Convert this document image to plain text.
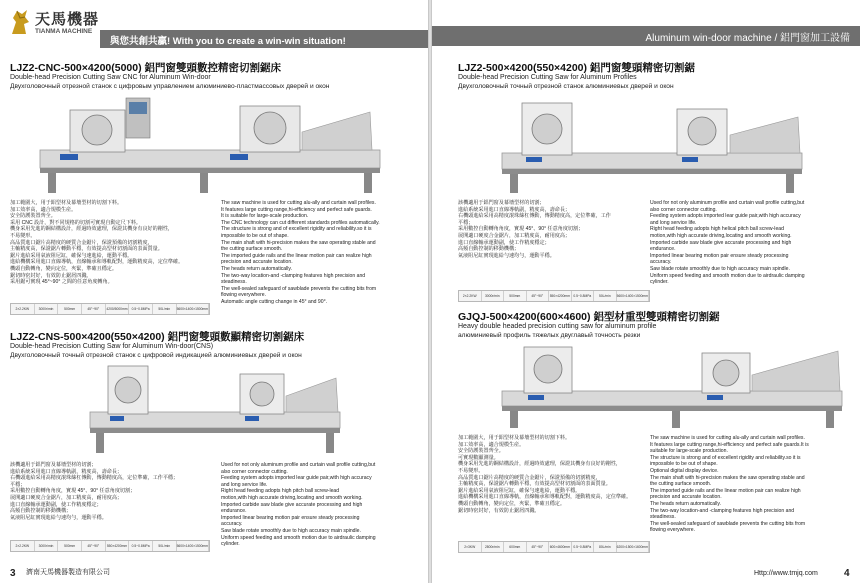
天馬機器
TIANMA MACHINE
與您共創共贏! With you to create a win-win situation!
LJZ2-CNC-500×4200(5000) 鋁門窗雙頭數控精密切割鋸床
Double-head Precision Cutting Saw CNC for Aluminum Win-door
Двухголовочный отрезной станок с цифровым управлением алюминиево-пластмассовых дверей и окон
加工範圍大，用于鋁型材及幕墻型材的切割下料。
加工效率高，適合規模生産。
安全防護裝置齊全。
采用 CNC 設計，對不同規格的切割可實現自動定尺下料。
機身采用先進的鋼結構設計，經過時效處理，保證其機身有良好的剛性，
不易變形。
高品質進口鋸片高精度的硬質合金鋸片，保證預備的切割精度，
主軸精度高，保證鋸片轉動平穩，有效提高型材切割面的表面質量。
鋸片進給采用氣液阻尼缸，確保勻速進給，運動平穩。
進給機構采用進口直線導軌，直線軸承和導軌配對，運動精度高，定位準確。
機頭自動轉角，變向定位，夾緊，準確且穩定。
鋸切時密封好，有效防止鋸屑四濺。
采用鋸可實現 45°~90° 之間的任意角度轉角。
The saw machine is used for cutting alu-ally and curtain wall profiles.
It features large cutting range,hi-efficiency and perfect safe guards.
It is suitable for large-scale production.
The CNC technology can cut different standards profiles automatically.
The structure is strong and of excellent rigidity and reliability.so it is
impossible to be out of shape.
The main shaft with hi-precision makes the saw operating stable and
the cutting surface smooth.
The imported guide rails and the linear motion pair can realize high
precision and accurate location.
The heads return automatically.
The two-way location-and -clamping features high precision and
steadiness.
The well-sealed safeguard of sawblade prevents the cutting bits from
flowing everywhere.
Automatic angle cutting change in 45° and 90°.
2×2.2KW	3000r/min	500mm	45°~90°	4200/5000mm	0.5~0.8MPa	50L/min	5600×1400×1500mm
LJZ2-CNS-500×4200(550×4200) 鋁門窗雙頭數顯精密切割鋸床
Double-head Precision Cutting Saw for Aluminum Win-door(CNS)
Двухголовочный точный отрезной станок с цифровой индикацией алюминиевых дверей и окон
該機適用于鋁門窗及幕墻型材的切割；
進給系統采用進口直線導軌副，精度高，壽命長；
右機頭進給采用高精度滾珠絲杠傳動，傳動精度高，定位準確，工作平穩；
平穩；
采用數控自動轉角角度，實現 45°、90° 任意角度切割；
展開適口硬度合金鋸片，加工精度高，耐用度高；
進口直線軸承運動副，使工作精度穩定；
高頻自動控制的移動機構；
氣液阻尼缸實現進給勻速均勻，運動平穩。
Used for not only aluminum profile and curtain wall profile cutting,but
also corner connector cutting.
Feeding system adopts imported lear guide pair,with high accuracy
and long service life.
Right head feeding adopts high pitch ball screw-lead
motion,with high accurate driving,locating and smooth working.
Imported carbide saw blade give accurate processing and high
endurance.
Imported linear bearing motion pair ensure steady processing
accuracy.
Saw blade rotate smoothly due to high accuracy main spindle.
Uniform speed feeding and smooth motion due to airdraulic damping
cylinder.
2×2.2KW	3000r/min	500mm	45°~90°	550×4200mm	0.5~0.8MPa	50L/min	5600×1400×1500mm
3 濟南天馬機器製造有限公司
Aluminum win-door machine / 鋁門窗加工設備
LJZ2-500×4200(550×4200) 鋁門窗雙頭精密切割鋸
Double-head Precision Cutting Saw for Aluminum Profiles
Двухголовочный точный отрезной станок алюминиевых дверей и окон
該機適用于鋁門窗及幕墻型材的切割；
進給系統采用進口直線導軌副，精度高，壽命長；
右機頭進給采用高精度滾珠絲杠傳動，傳動精度高，定位準確，工作
平穩；
采用數控自動轉角角度，實現 45°、90° 任意角度切割；
展開適口硬度合金鋸片，加工精度高，耐用度高；
進口直線軸承運動副，使工作精度穩定；
高頻自動控制的移動機構；
氣液阻尼缸實現進給勻速均勻，運動平穩。
Used for not only aluminum profile and curtain wall profile cutting,but
also corner connector cutting.
Feeding system adopts imported lear guide pair,with high accuracy
and long service life.
Right head feeding adopts high helical pitch ball screw-lead
motion,with high accurate driving,locating and smooth working.
Imported carbide saw blade give accurate processing and high
endurance.
Imported linear bearing motion pair ensure steady processing
accuracy.
Saw blade rotate smoothly due to high accuracy main spindle.
Uniform speed feeding and smooth motion due to airdraulic damping
cylinder.
2×2.2KW	3000r/min	500mm	45°~90°	550×4200mm	0.5~0.8MPa	50L/min	5600×1400×1500mm
GJQJ-500×4200(600×4600) 鋁型材重型雙頭精密切割鋸
Heavy double headed precision cutting saw for aluminum profile
алюминиевый профиль тяжелых двуглавый точность резки
加工範圍大，用于鋁型材及幕墻型材的切割下料。
加工效率高，適合規模生産。
安全防護裝置齊全。
可實現數顯測量。
機身采用先進的鋼結構設計，經過時效處理，保證其機身有良好的剛性，
不易變形。
高品質進口鋸片高精度的硬質合金鋸片，保證預備的切割精度，
主軸精度高，保證鋸片轉動平穩，有效提高型材切割面的表面質量。
鋸片進給采用氣液阻尼缸，確保勻速進給，運動平穩。
進給機構采用進口直線導軌，直線軸承和導軌配對，運動精度高，定位準確。
機頭自動轉角，變向定位，夾緊，準確且穩定。
鋸切時密封好，有效防止鋸屑四濺。
The saw machine is used for cutting alu-ally and curtain wall profiles.
It features large cutting range,hi-efficiency and perfect safe guards.It is
suitable for large-scale production.
The structure is strong and of excellent rigidity and reliability.so it is
impossible to be out of shape.
Optional digital display device.
The main shaft with hi-precision makes the saw operating stable and
the cutting surface smooth.
The imported guide rails and the linear motion pair can realize high
precision and accurate location.
The heads return automatically.
The two-way location-and -clamping features high precision and
steadiness.
The well-sealed safeguard of sawblade prevents the cutting bits from
flowing everywhere.
2×3KW	2800r/min	600mm	45°~90°	600×4600mm	0.5~0.8MPa	80L/min	6200×1500×1600mm
Http://www.tmjq.com	4
